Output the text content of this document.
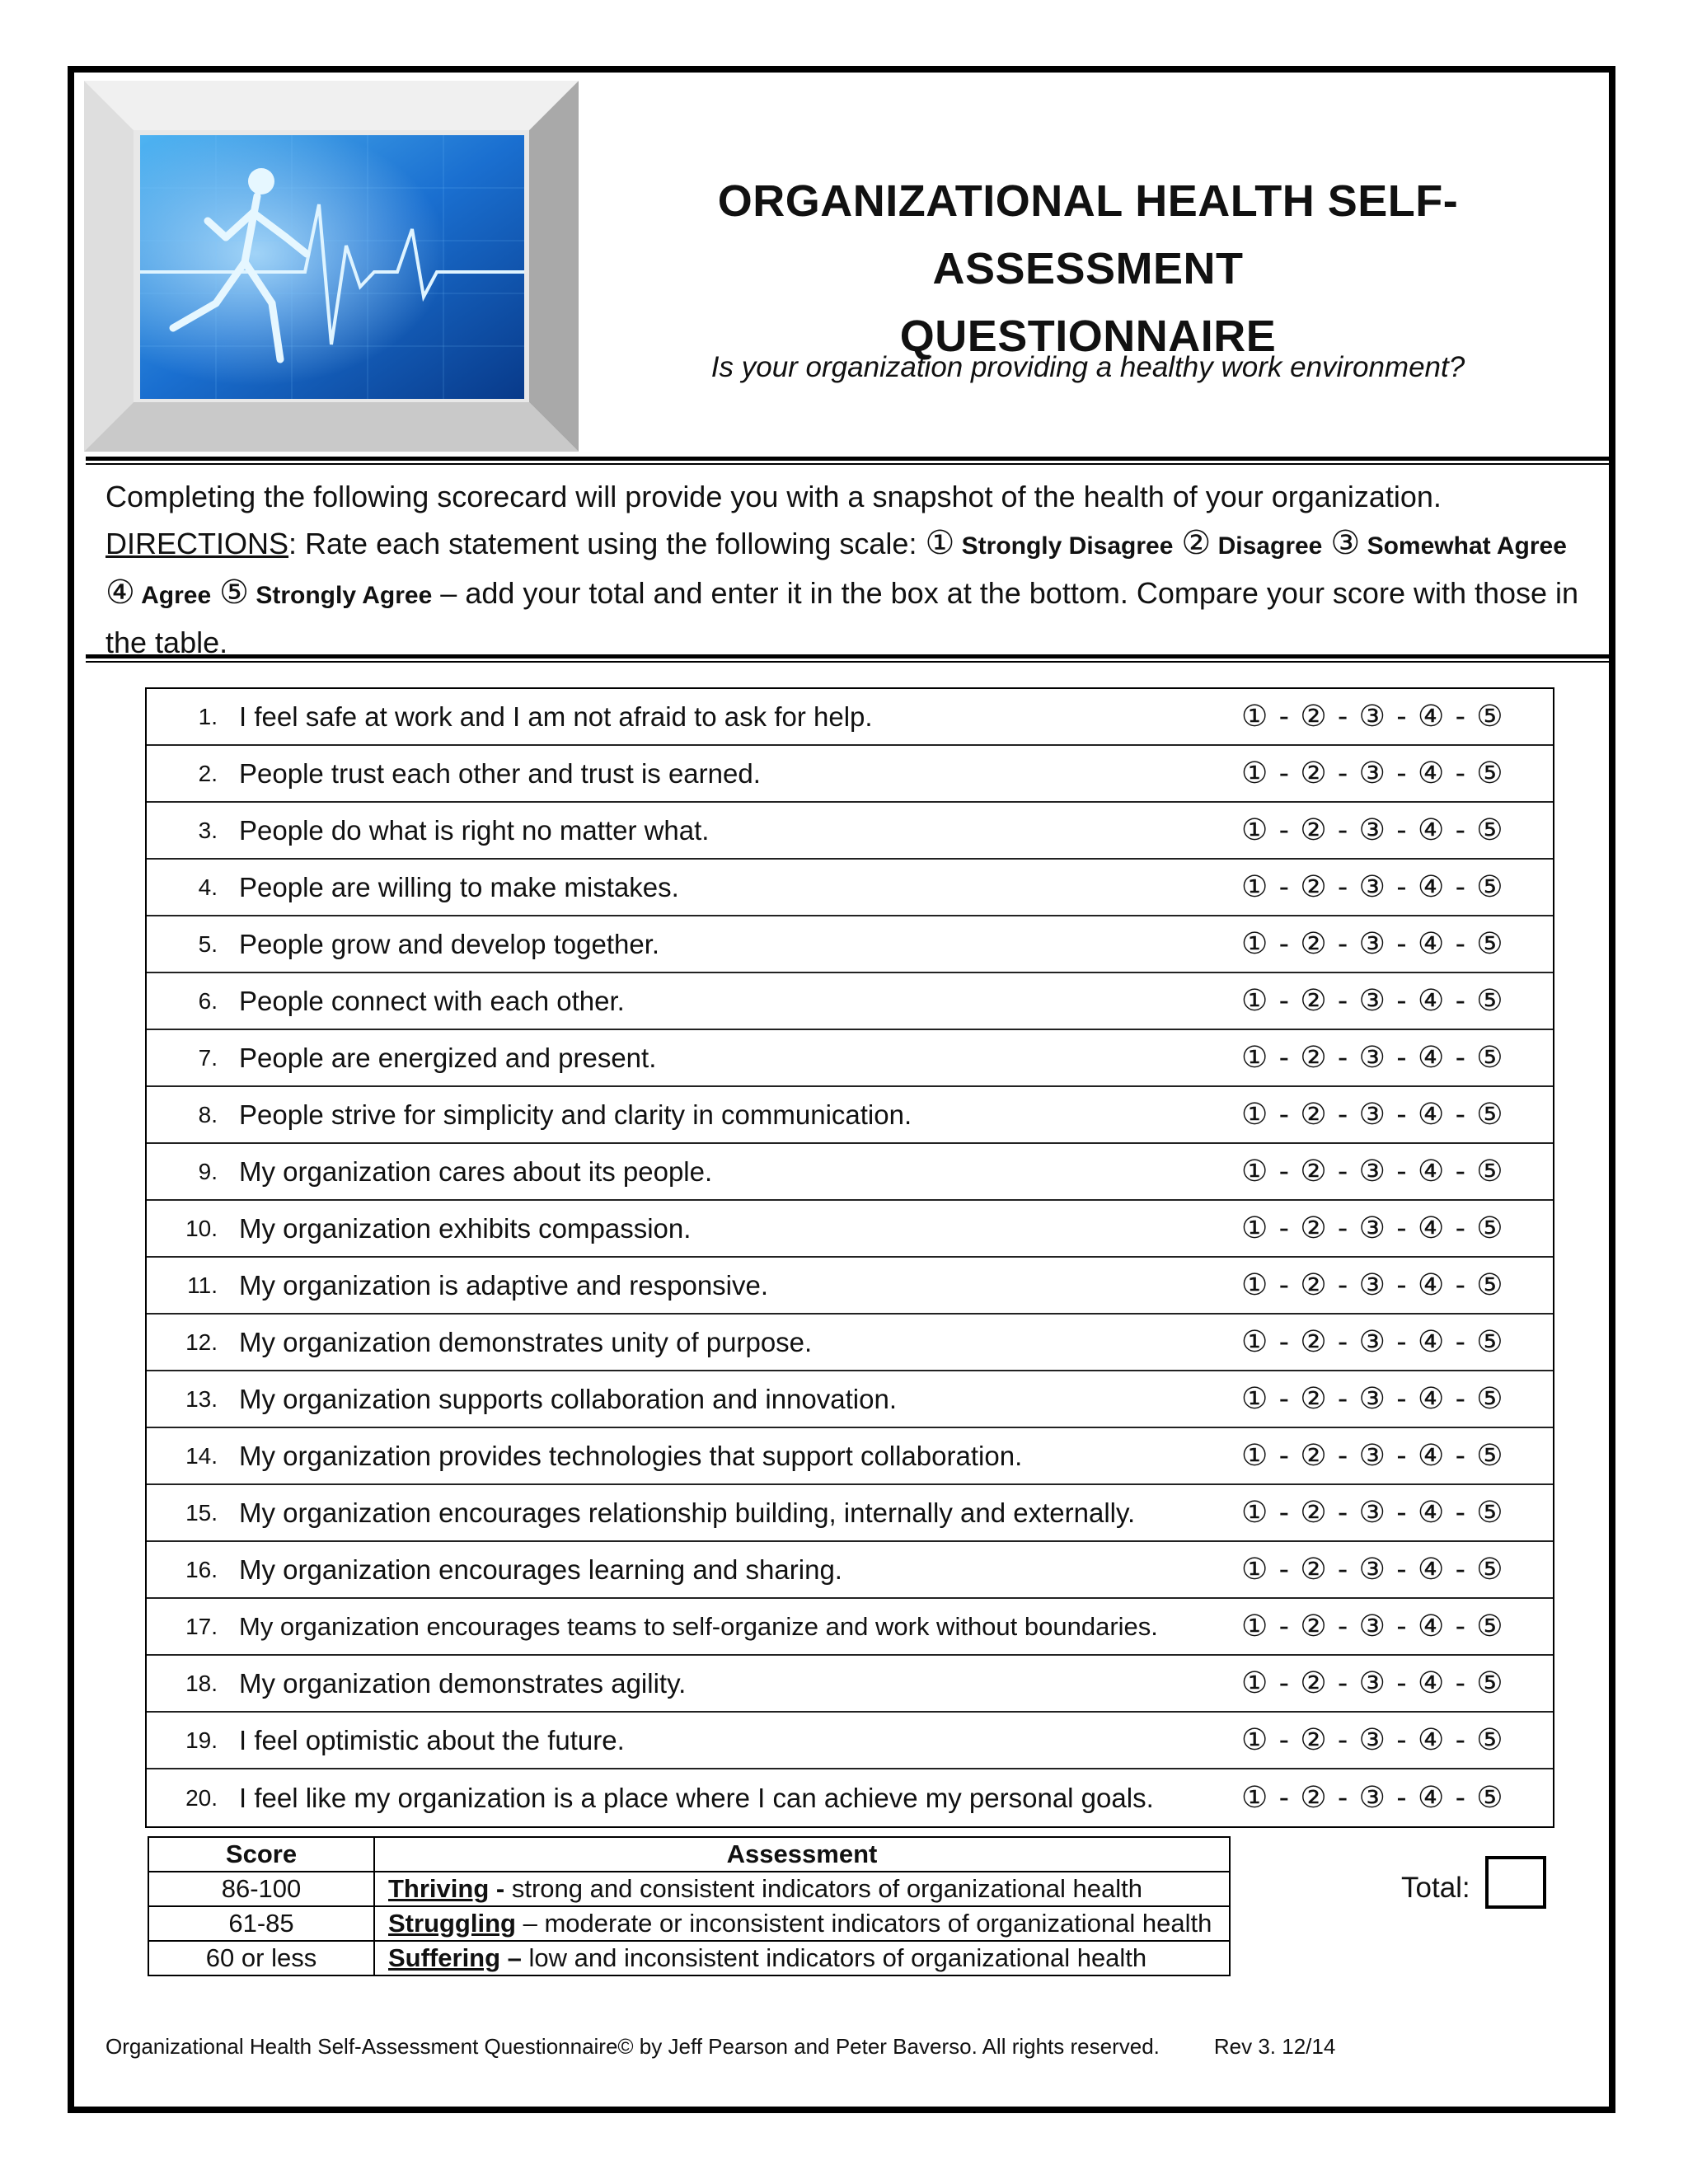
ORGANIZATIONAL HEALTH SELF-ASSESSMENT
QUESTIONNAIRE
Is your organization providing a healthy work environment?
Completing the following scorecard will provide you with a snapshot of the health of your organization.
DIRECTIONS: Rate each statement using the following scale: ① Strongly Disagree ② Disagree ③ Somewhat Agree
④ Agree ⑤ Strongly Agree – add your total and enter it in the box at the bottom. Compare your score with those in the table.
1. I feel safe at work and I am not afraid to ask for help.	① - ② - ③ - ④ - ⑤
2. People trust each other and trust is earned.	① - ② - ③ - ④ - ⑤
3. People do what is right no matter what.	① - ② - ③ - ④ - ⑤
4. People are willing to make mistakes.	① - ② - ③ - ④ - ⑤
5. People grow and develop together.	① - ② - ③ - ④ - ⑤
6. People connect with each other.	① - ② - ③ - ④ - ⑤
7. People are energized and present.	① - ② - ③ - ④ - ⑤
8. People strive for simplicity and clarity in communication.	① - ② - ③ - ④ - ⑤
9. My organization cares about its people.	① - ② - ③ - ④ - ⑤
10. My organization exhibits compassion.	① - ② - ③ - ④ - ⑤
11. My organization is adaptive and responsive.	① - ② - ③ - ④ - ⑤
12. My organization demonstrates unity of purpose.	① - ② - ③ - ④ - ⑤
13. My organization supports collaboration and innovation.	① - ② - ③ - ④ - ⑤
14. My organization provides technologies that support collaboration.	① - ② - ③ - ④ - ⑤
15. My organization encourages relationship building, internally and externally.	① - ② - ③ - ④ - ⑤
16. My organization encourages learning and sharing.	① - ② - ③ - ④ - ⑤
17. My organization encourages teams to self-organize and work without boundaries.	① - ② - ③ - ④ - ⑤
18. My organization demonstrates agility.	① - ② - ③ - ④ - ⑤
19. I feel optimistic about the future.	① - ② - ③ - ④ - ⑤
20. I feel like my organization is a place where I can achieve my personal goals.	① - ② - ③ - ④ - ⑤
Score	Assessment
86-100	Thriving - strong and consistent indicators of organizational health
61-85	Struggling – moderate or inconsistent indicators of organizational health
60 or less	Suffering – low and inconsistent indicators of organizational health
Total:
Organizational Health Self-Assessment Questionnaire© by Jeff Pearson and Peter Baverso. All rights reserved.	Rev 3. 12/14
